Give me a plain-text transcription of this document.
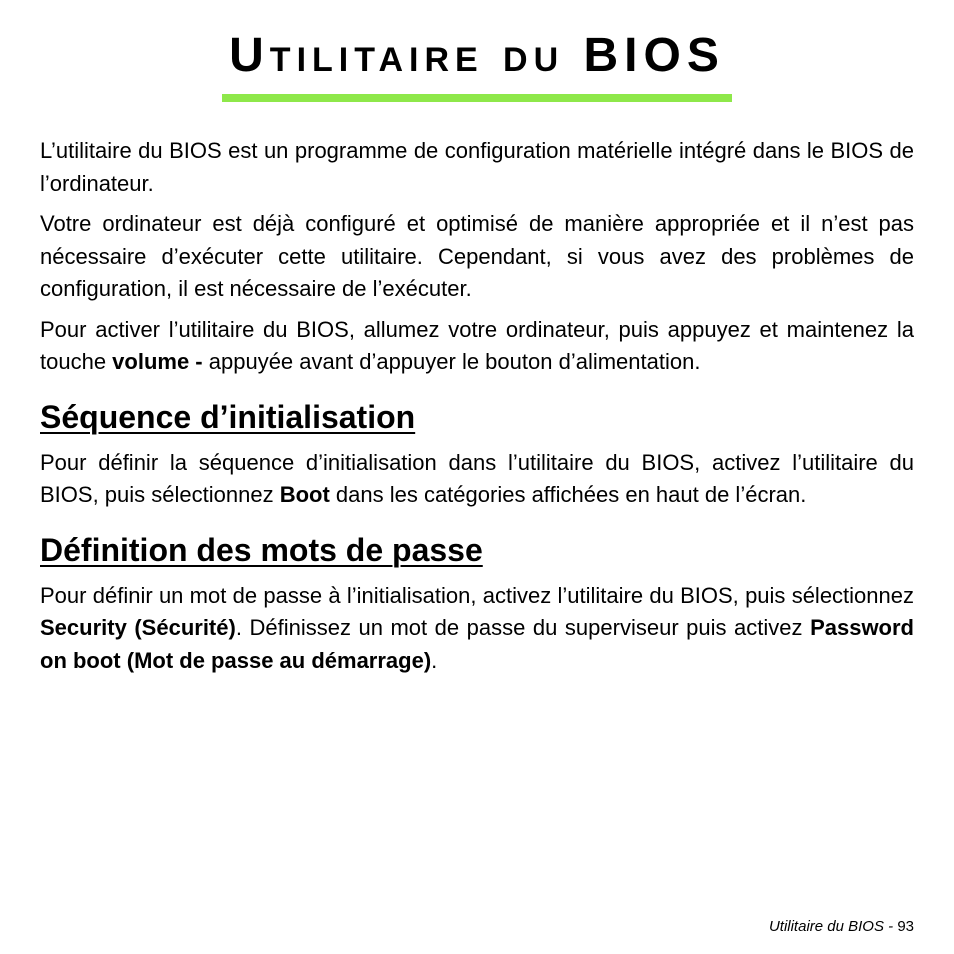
Utilitaire du BIOS

L’utilitaire du BIOS est un programme de configuration matérielle intégré dans le BIOS de l’ordinateur.

Votre ordinateur est déjà configuré et optimisé de manière appropriée et il n’est pas nécessaire d’exécuter cette utilitaire. Cependant, si vous avez des problèmes de configuration, il est nécessaire de l’exécuter.

Pour activer l’utilitaire du BIOS, allumez votre ordinateur, puis appuyez et maintenez la touche volume - appuyée avant d’appuyer le bouton d’alimentation.

Séquence d’initialisation

Pour définir la séquence d’initialisation dans l’utilitaire du BIOS, activez l’utilitaire du BIOS, puis sélectionnez Boot dans les catégories affichées en haut de l’écran.

Définition des mots de passe

Pour définir un mot de passe à l’initialisation, activez l’utilitaire du BIOS, puis sélectionnez Security (Sécurité). Définissez un mot de passe du superviseur puis activez Password on boot (Mot de passe au démarrage).

Utilitaire du BIOS - 93
